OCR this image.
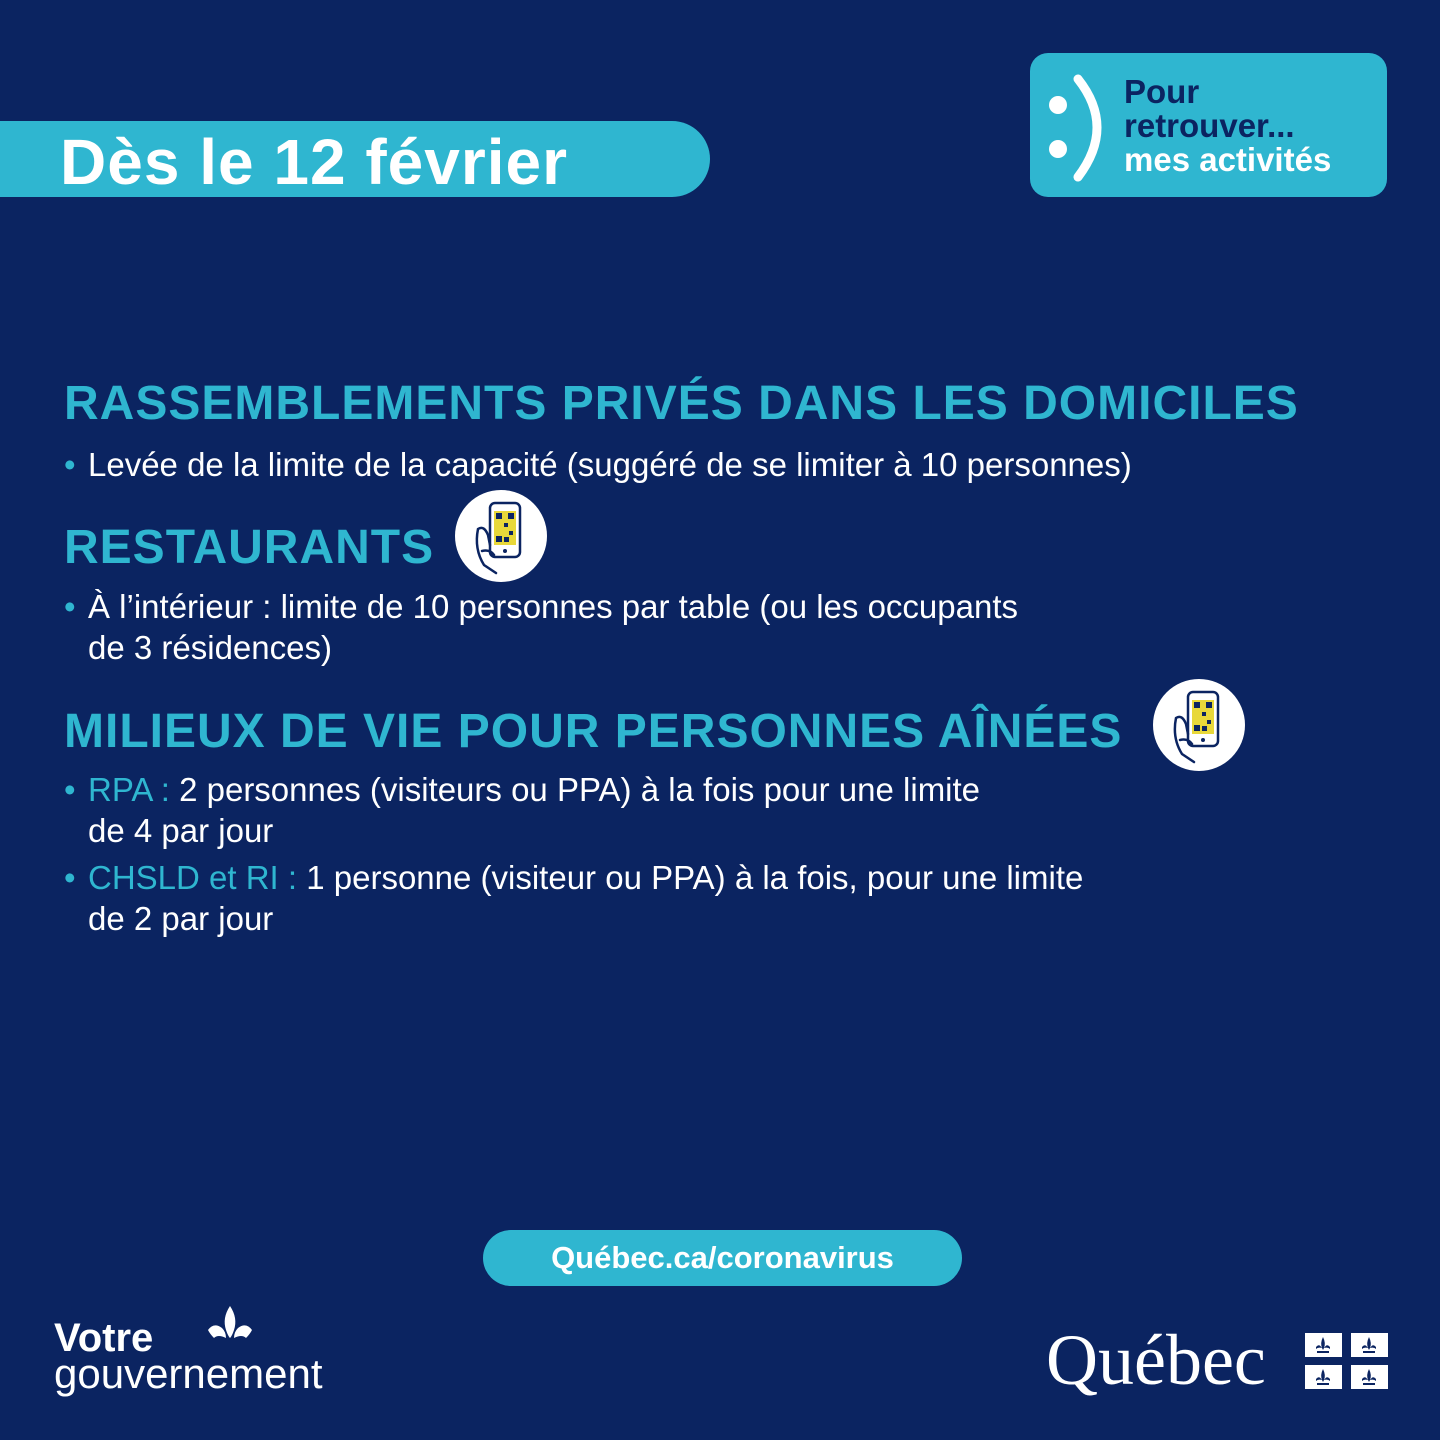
Dès le 12 février
Pour
retrouver...
mes activités
RASSEMBLEMENTS PRIVÉS DANS LES DOMICILES
• Levée de la limite de la capacité (suggéré de se limiter à 10 personnes)
RESTAURANTS
• À l’intérieur : limite de 10 personnes par table (ou les occupants
de 3 résidences)
MILIEUX DE VIE POUR PERSONNES AÎNÉES
• RPA : 2 personnes (visiteurs ou PPA) à la fois pour une limite
de 4 par jour
• CHSLD et RI : 1 personne (visiteur ou PPA) à la fois, pour une limite
de 2 par jour
Québec.ca/coronavirus
Votre
gouvernement	Québec
